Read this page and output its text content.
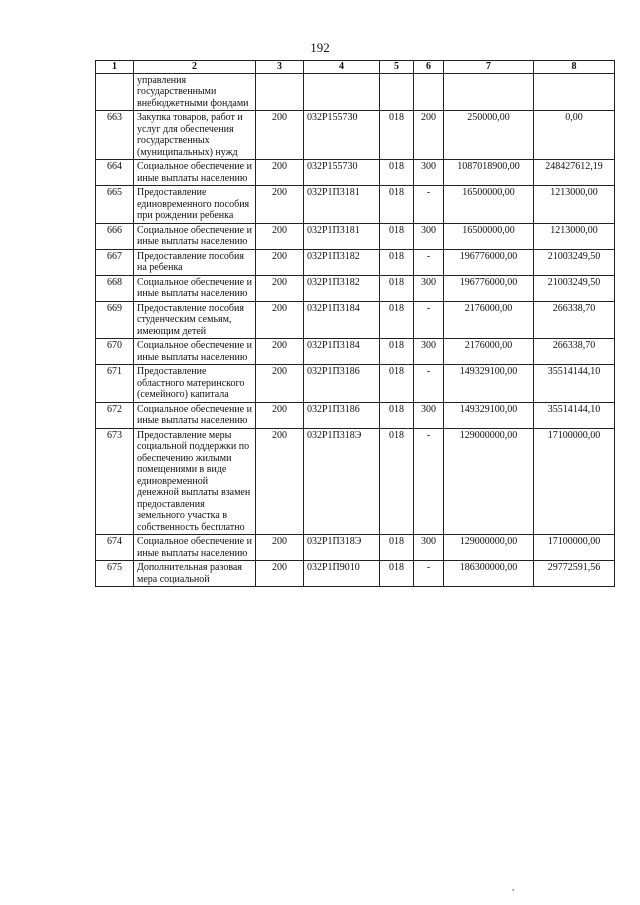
192
1	2	3	4	5	6	7	8
	управления государственными внебюджетными фондами						
663	Закупка товаров, работ и услуг для обеспечения государственных (муниципальных) нужд	200	032Р155730	018	200	250000,00	0,00
664	Социальное обеспечение и иные выплаты населению	200	032Р155730	018	300	1087018900,00	248427612,19
665	Предоставление единовременного пособия при рождении ребенка	200	032Р1П3181	018	-	16500000,00	1213000,00
666	Социальное обеспечение и иные выплаты населению	200	032Р1П3181	018	300	16500000,00	1213000,00
667	Предоставление пособия на ребенка	200	032Р1П3182	018	-	196776000,00	21003249,50
668	Социальное обеспечение и иные выплаты населению	200	032Р1П3182	018	300	196776000,00	21003249,50
669	Предоставление пособия студенческим семьям, имеющим детей	200	032Р1П3184	018	-	2176000,00	266338,70
670	Социальное обеспечение и иные выплаты населению	200	032Р1П3184	018	300	2176000,00	266338,70
671	Предоставление областного материнского (семейного) капитала	200	032Р1П3186	018	-	149329100,00	35514144,10
672	Социальное обеспечение и иные выплаты населению	200	032Р1П3186	018	300	149329100,00	35514144,10
673	Предоставление меры социальной поддержки по обеспечению жилыми помещениями в виде единовременной денежной выплаты взамен предоставления земельного участка в собственность бесплатно	200	032Р1П318Э	018	-	129000000,00	17100000,00
674	Социальное обеспечение и иные выплаты населению	200	032Р1П318Э	018	300	129000000,00	17100000,00
675	Дополнительная разовая мера социальной	200	032Р1П9010	018	-	186300000,00	29772591,56
,
